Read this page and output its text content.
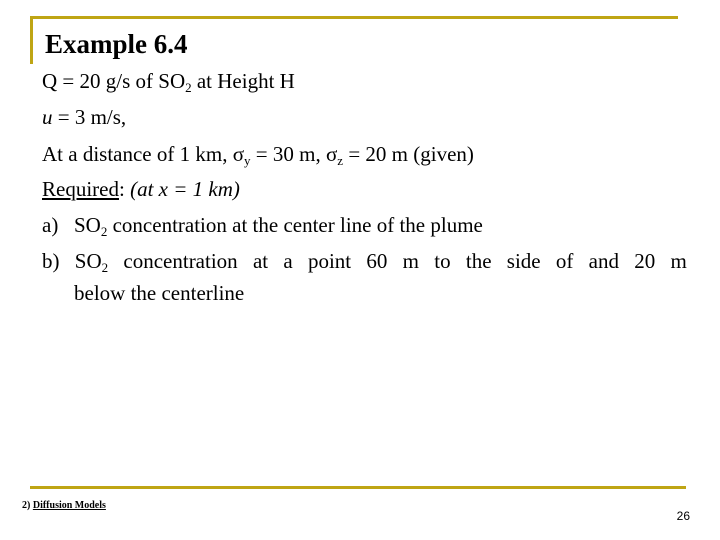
Example 6.4
Q = 20 g/s of $SO_2$ at Height H
u = 3 m/s,
At a distance of 1 km, $\sigma_y = 30$ m, $\sigma_z = 20$ m (given)
Required: (at x = 1 km)
a) $SO_2$ concentration at the center line of the plume
b) $SO_2$ concentration at a point 60 m to the side of and 20 m
below the centerline
2) Diffusion Models
26
